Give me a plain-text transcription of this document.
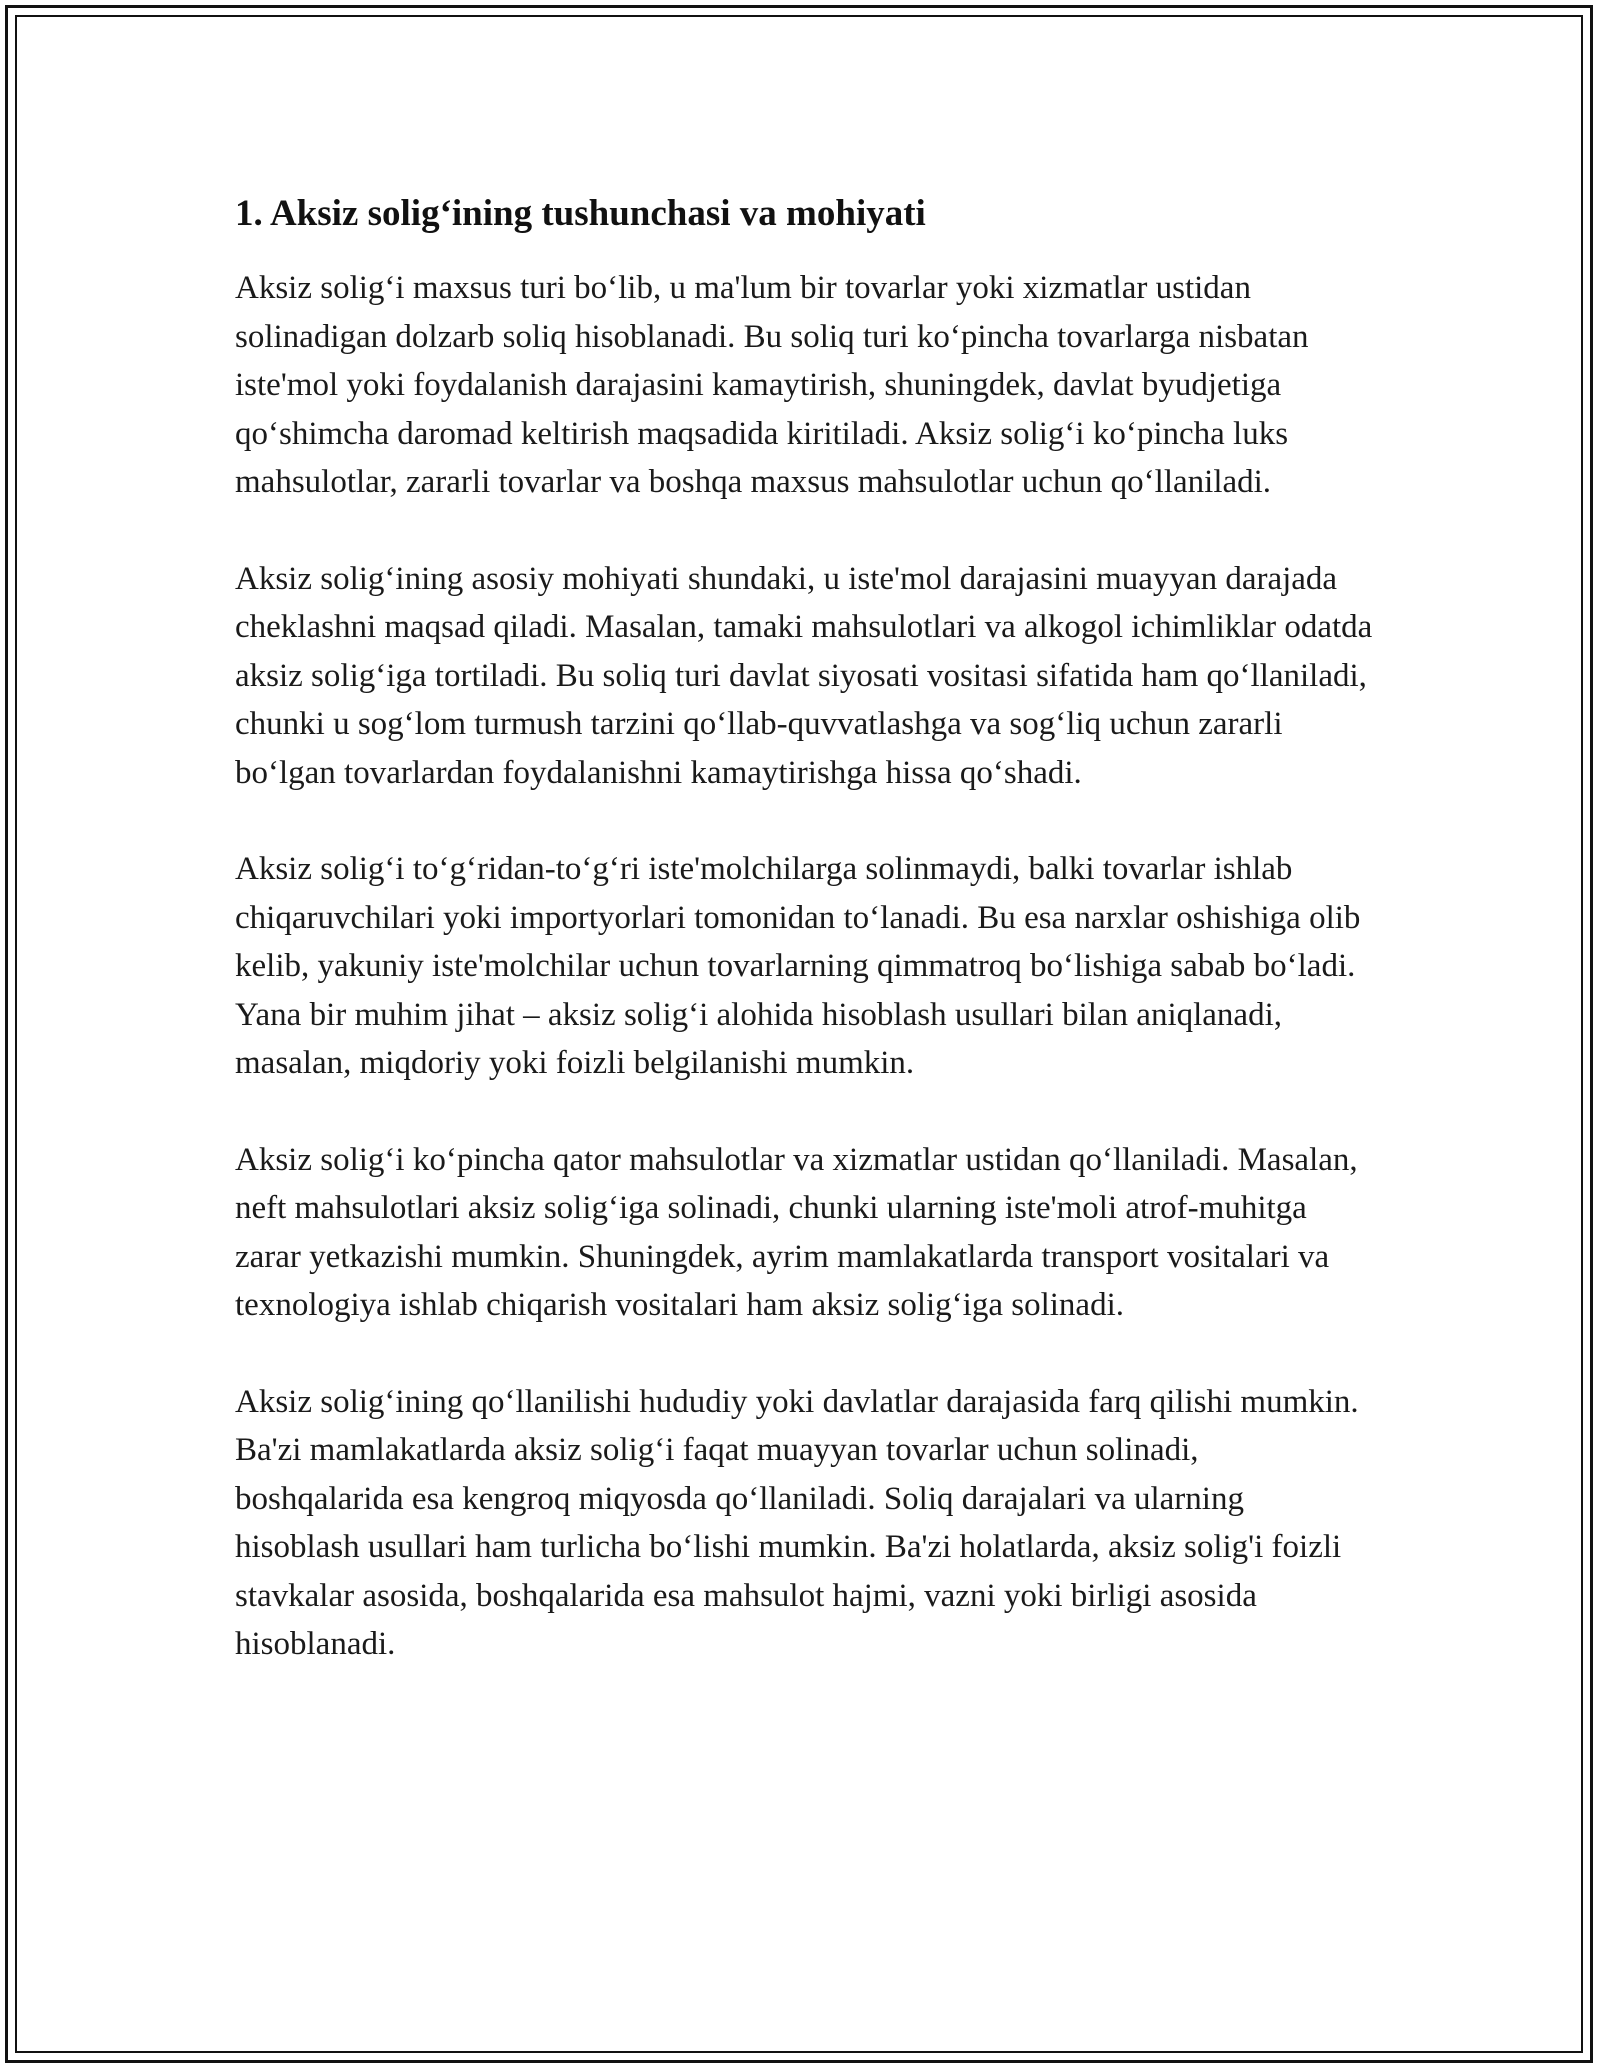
1. Aksiz solig‘ining tushunchasi va mohiyati

Aksiz solig‘i maxsus turi bo‘lib, u ma'lum bir tovarlar yoki xizmatlar ustidan solinadigan dolzarb soliq hisoblanadi. Bu soliq turi ko‘pincha tovarlarga nisbatan iste'mol yoki foydalanish darajasini kamaytirish, shuningdek, davlat byudjetiga qo‘shimcha daromad keltirish maqsadida kiritiladi. Aksiz solig‘i ko‘pincha luks mahsulotlar, zararli tovarlar va boshqa maxsus mahsulotlar uchun qo‘llaniladi.

Aksiz solig‘ining asosiy mohiyati shundaki, u iste'mol darajasini muayyan darajada cheklashni maqsad qiladi. Masalan, tamaki mahsulotlari va alkogol ichimliklar odatda aksiz solig‘iga tortiladi. Bu soliq turi davlat siyosati vositasi sifatida ham qo‘llaniladi, chunki u sog‘lom turmush tarzini qo‘llab-quvvatlashga va sog‘liq uchun zararli bo‘lgan tovarlardan foydalanishni kamaytirishga hissa qo‘shadi.

Aksiz solig‘i to‘g‘ridan-to‘g‘ri iste'molchilarga solinmaydi, balki tovarlar ishlab chiqaruvchilari yoki importyorlari tomonidan to‘lanadi. Bu esa narxlar oshishiga olib kelib, yakuniy iste'molchilar uchun tovarlarning qimmatroq bo‘lishiga sabab bo‘ladi. Yana bir muhim jihat – aksiz solig‘i alohida hisoblash usullari bilan aniqlanadi, masalan, miqdoriy yoki foizli belgilanishi mumkin.

Aksiz solig‘i ko‘pincha qator mahsulotlar va xizmatlar ustidan qo‘llaniladi. Masalan, neft mahsulotlari aksiz solig‘iga solinadi, chunki ularning iste'moli atrof-muhitga zarar yetkazishi mumkin. Shuningdek, ayrim mamlakatlarda transport vositalari va texnologiya ishlab chiqarish vositalari ham aksiz solig‘iga solinadi.

Aksiz solig‘ining qo‘llanilishi hududiy yoki davlatlar darajasida farq qilishi mumkin. Ba'zi mamlakatlarda aksiz solig‘i faqat muayyan tovarlar uchun solinadi, boshqalarida esa kengroq miqyosda qo‘llaniladi. Soliq darajalari va ularning hisoblash usullari ham turlicha bo‘lishi mumkin. Ba'zi holatlarda, aksiz solig'i foizli stavkalar asosida, boshqalarida esa mahsulot hajmi, vazni yoki birligi asosida hisoblanadi.
